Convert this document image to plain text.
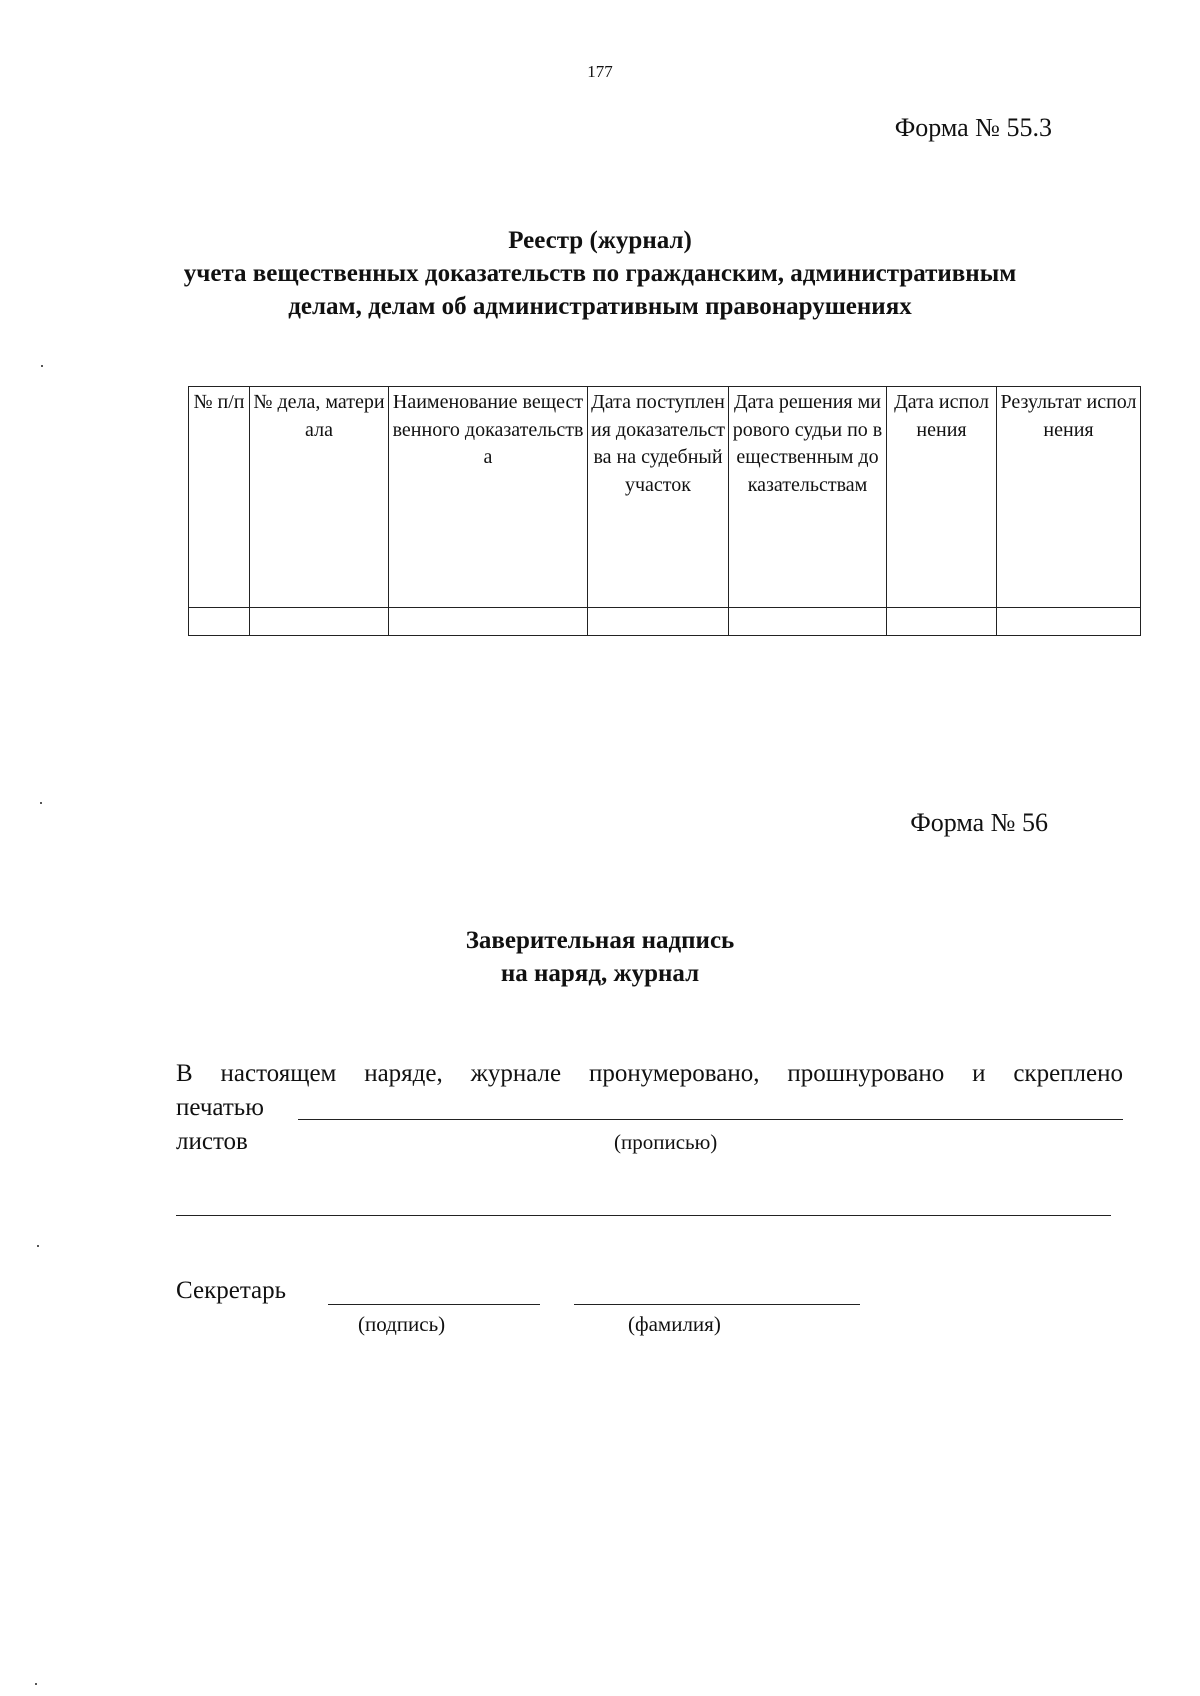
177
Форма № 55.3
Реестр (журнал)
учета вещественных доказательств по гражданским, административным
делам, делам об административным правонарушениях
№ п/п	№ дела, материала	Наименование вещественного доказательства	Дата поступления доказательства на судебный участок	Дата решения мирового судьи по вещественным доказательствам	Дата исполнения	Результат исполнения

Форма № 56
Заверительная надпись
на наряд, журнал
В настоящем наряде, журнале пронумеровано, прошнуровано и скреплено
печатью
листов	(прописью)
Секретарь
(подпись)	(фамилия)
